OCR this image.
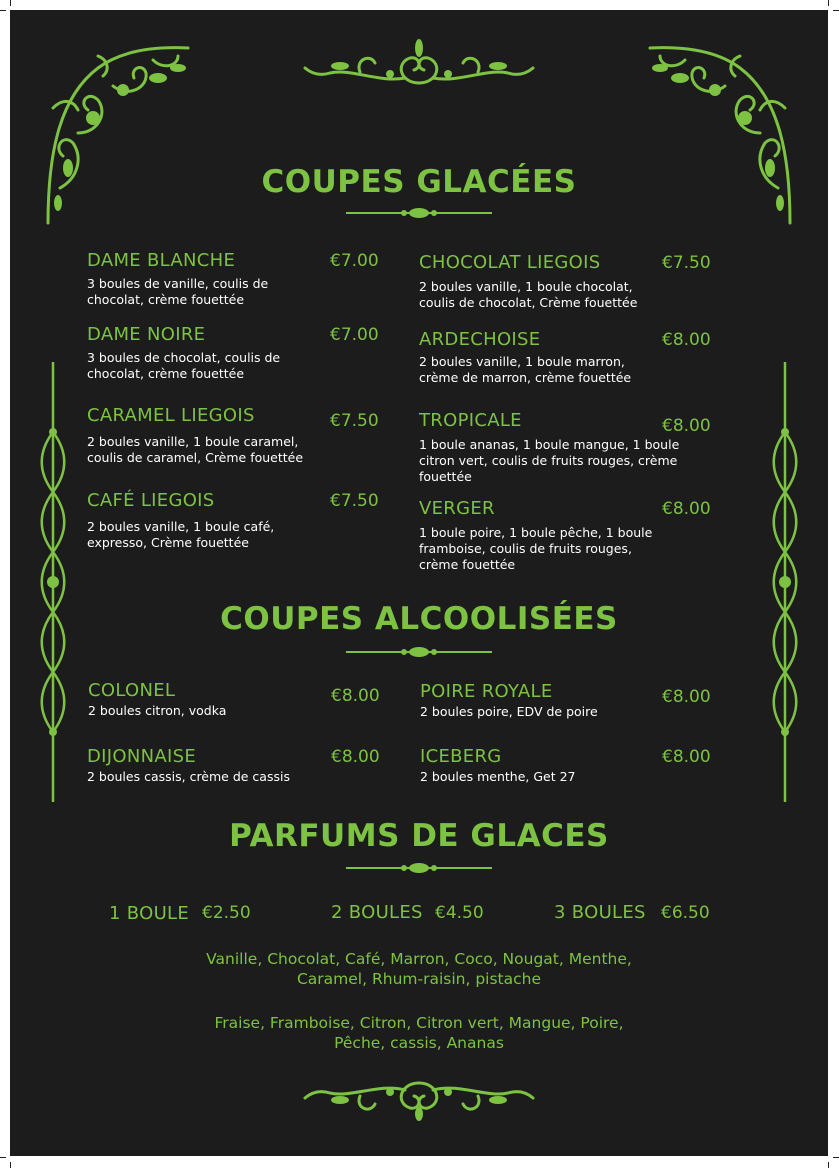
COUPES GLACÉES
DAME BLANCHE	€7.00
3 boules de vanille, coulis de chocolat, crème fouettée
DAME NOIRE	€7.00
3 boules de chocolat, coulis de chocolat, crème fouettée
CARAMEL LIEGOIS	€7.50
2 boules vanille, 1 boule caramel, coulis de caramel, Crème fouettée
CAFÉ LIEGOIS	€7.50
2 boules vanille, 1 boule café, expresso, Crème fouettée
CHOCOLAT LIEGOIS	€7.50
2 boules vanille, 1 boule chocolat, coulis de chocolat, Crème fouettée
ARDECHOISE	€8.00
2 boules vanille, 1 boule marron, crème de marron, crème fouettée
TROPICALE	€8.00
1 boule ananas, 1 boule mangue, 1 boule citron vert, coulis de fruits rouges, crème fouettée
VERGER	€8.00
1 boule poire, 1 boule pêche, 1 boule framboise, coulis de fruits rouges, crème fouettée
COUPES ALCOOLISÉES
COLONEL	€8.00
2 boules citron, vodka
DIJONNAISE	€8.00
2 boules cassis, crème de cassis
POIRE ROYALE	€8.00
2 boules poire, EDV de poire
ICEBERG	€8.00
2 boules menthe, Get 27
PARFUMS DE GLACES
1 BOULE €2.50	2 BOULES €4.50	3 BOULES €6.50
Vanille, Chocolat, Café, Marron, Coco, Nougat, Menthe,
Caramel, Rhum-raisin, pistache
Fraise, Framboise, Citron, Citron vert, Mangue, Poire,
Pêche, cassis, Ananas
